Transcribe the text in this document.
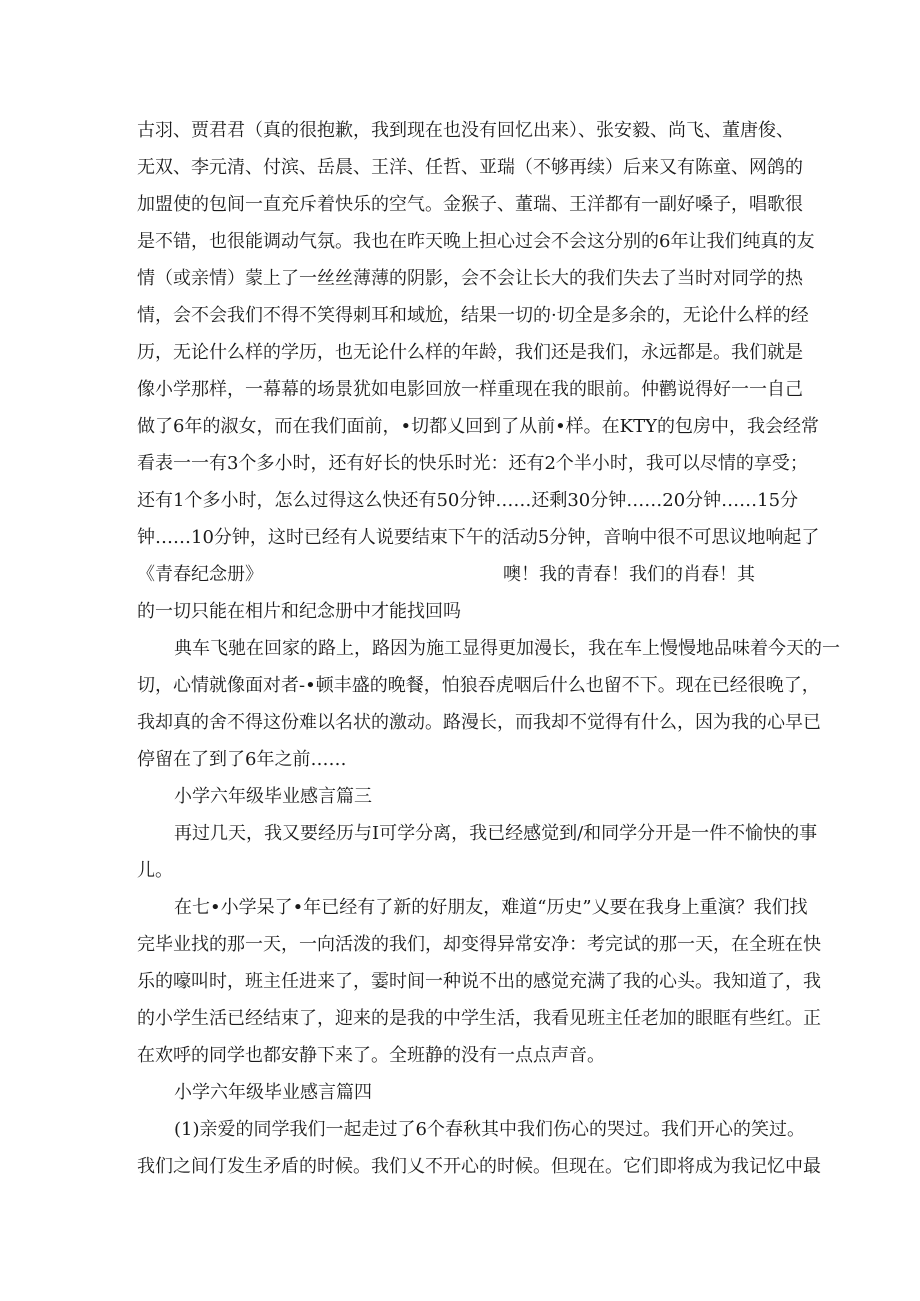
古羽、贾君君（真的很抱歉，我到现在也没有回忆出来）、张安毅、尚飞、董唐俊、
无双、李元清、付滨、岳晨、王洋、任哲、亚瑞（不够再续）后来又有陈童、网鸽的
加盟使的包间一直充斥着快乐的空气。金猴子、董瑞、王洋都有一副好嗓子，唱歌很
是不错，也很能调动气氛。我也在昨天晚上担心过会不会这分别的6年让我们纯真的友
情（或亲情）蒙上了一丝丝薄薄的阴影，会不会让长大的我们失去了当时对同学的热
情，会不会我们不得不笑得刺耳和域尬，结果一切的·切全是多余的，无论什么样的经
历，无论什么样的学历，也无论什么样的年龄，我们还是我们，永远都是。我们就是
像小学那样，一幕幕的场景犹如电影回放一样重现在我的眼前。仲鹳说得好一一自己
做了6年的淑女，而在我们面前，•切都乂回到了从前•样。在KTY的包房中，我会经常
看表一一有3个多小时，还有好长的快乐时光：还有2个半小时，我可以尽情的享受；
还有1个多小时，怎么过得这么快还有50分钟……还剩30分钟……20分钟……15分
钟……10分钟，这时已经有人说要结束下午的活动5分钟，音响中很不可思议地响起了
《青春纪念册》	噢！我的青春！我们的肖春！其
的一切只能在相片和纪念册中才能找回吗
典车飞驰在回家的路上，路因为施工显得更加漫长，我在车上慢慢地品味着今天的一
切，心情就像面对者-•顿丰盛的晚餐，怕狼吞虎咽后什么也留不下。现在已经很晚了，
我却真的舍不得这份难以名状的激动。路漫长，而我却不觉得有什么，因为我的心早已
停留在了到了6年之前……
小学六年级毕业感言篇三
再过几天，我又要经历与I可学分离，我已经感觉到/和同学分开是一件不愉快的事
儿。
在七•小学呆了•年已经有了新的好朋友，难道“历史”乂要在我身上重演？我们找
完毕业找的那一天，一向活泼的我们，却变得异常安净：考完试的那一天，在全班在快
乐的嚎叫时，班主任进来了，霎时间一种说不出的感觉充满了我的心头。我知道了，我
的小学生活已经结束了，迎来的是我的中学生活，我看见班主任老加的眼眶有些红。正
在欢呼的同学也都安静下来了。全班静的没有一点点声音。
小学六年级毕业感言篇四
(1)亲爱的同学我们一起走过了6个春秋其中我们伤心的哭过。我们开心的笑过。
我们之间仃发生矛盾的时候。我们乂不开心的时候。但现在。它们即将成为我记忆中最
